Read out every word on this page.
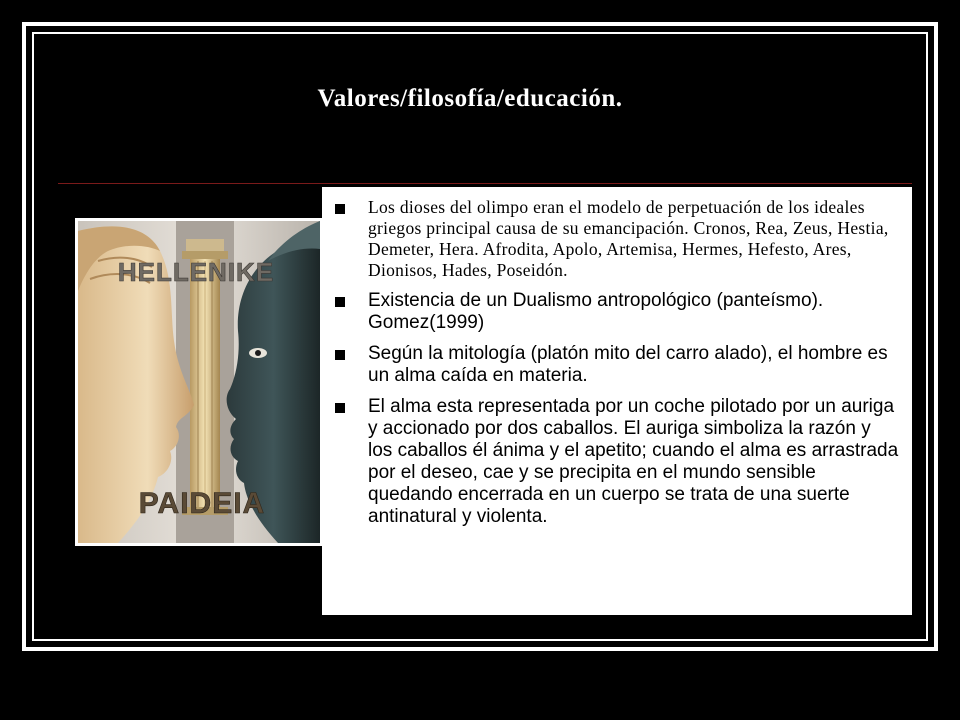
Valores/filosofía/educación.
HELLENIKE
PAIDEIA
Los dioses del olimpo eran el modelo de perpetuación de los ideales griegos principal causa de su emancipación. Cronos, Rea, Zeus, Hestia, Demeter, Hera. Afrodita, Apolo, Artemisa, Hermes, Hefesto, Ares, Dionisos, Hades, Poseidón.
Existencia de un Dualismo antropológico (panteísmo). Gomez(1999)
Según la mitología (platón mito del carro alado), el hombre es un alma caída en materia.
El alma esta representada por un coche pilotado por un auriga y accionado por dos caballos. El auriga simboliza la razón y los caballos él ánima y el apetito; cuando el alma es arrastrada por el deseo, cae y se precipita en el mundo sensible quedando encerrada en un cuerpo se trata de una suerte antinatural y violenta.
